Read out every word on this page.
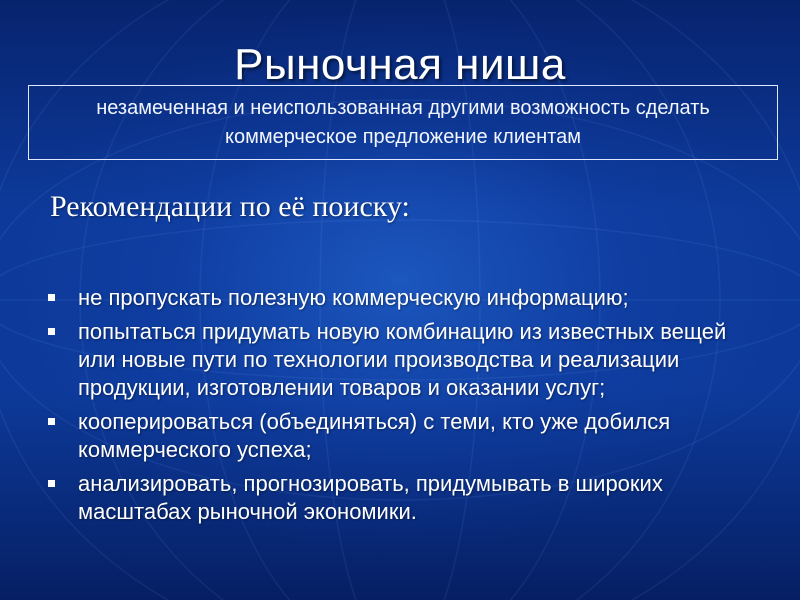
Рыночная ниша
незамеченная и неиспользованная другими возможность сделать коммерческое предложение клиентам
Рекомендации по её поиску:
не пропускать полезную коммерческую информацию;
попытаться придумать новую комбинацию из известных вещей или новые пути по технологии производства и реализации продукции, изготовлении товаров и оказании услуг;
кооперироваться (объединяться) с теми, кто уже добился коммерческого успеха;
анализировать, прогнозировать, придумывать в широких масштабах рыночной экономики.
